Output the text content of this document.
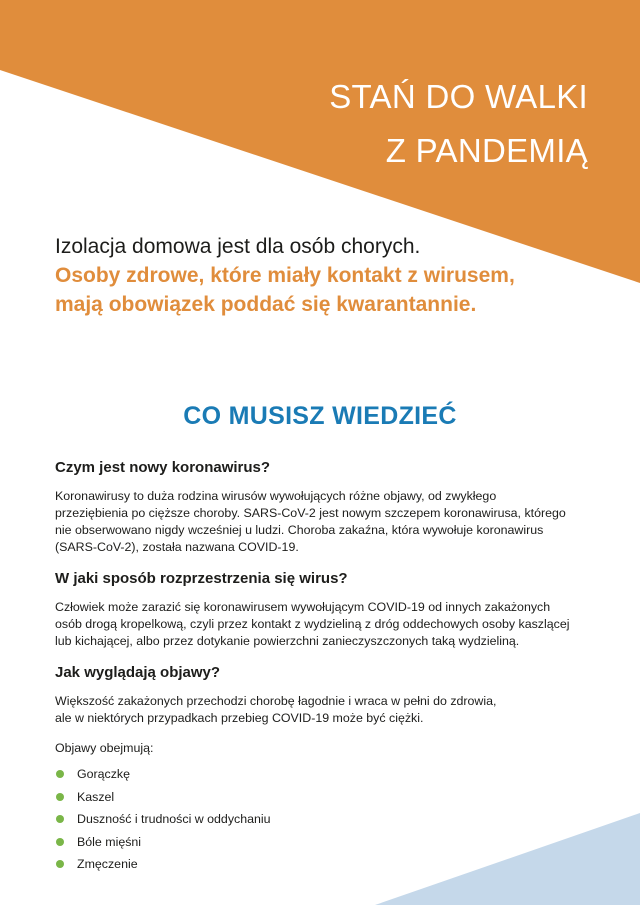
STAŃ DO WALKI
Z PANDEMIĄ
Izolacja domowa jest dla osób chorych.
Osoby zdrowe, które miały kontakt z wirusem,
mają obowiązek poddać się kwarantannie.
CO MUSISZ WIEDZIEĆ
Czym jest nowy koronawirus?

Koronawirusy to duża rodzina wirusów wywołujących różne objawy, od zwykłego
przeziębienia po cięższe choroby. SARS-CoV-2 jest nowym szczepem koronawirusa, którego
nie obserwowano nigdy wcześniej u ludzi. Choroba zakaźna, która wywołuje koronawirus
(SARS-CoV-2), została nazwana COVID-19.

W jaki sposób rozprzestrzenia się wirus?

Człowiek może zarazić się koronawirusem wywołującym COVID-19 od innych zakażonych
osób drogą kropelkową, czyli przez kontakt z wydzieliną z dróg oddechowych osoby kaszlącej
lub kichającej, albo przez dotykanie powierzchni zanieczyszczonych taką wydzieliną.

Jak wyglądają objawy?

Większość zakażonych przechodzi chorobę łagodnie i wraca w pełni do zdrowia,
ale w niektórych przypadkach przebieg COVID-19 może być ciężki.

Objawy obejmują:

Gorączkę
Kaszel
Duszność i trudności w oddychaniu
Bóle mięśni
Zmęczenie
